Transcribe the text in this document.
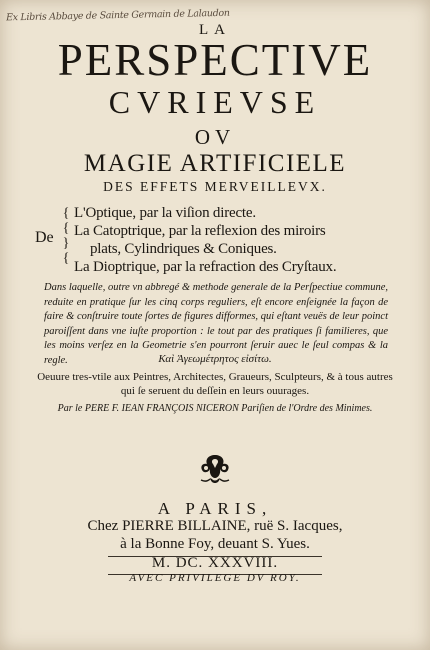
Ex Libris Abbaye de Sainte Germain de Lalaudon
LA
PERSPECTIVE
CVRIEVSE
OV
MAGIE ARTIFICIELE
DES EFFETS MERVEILLEVX.
De
{
{
}
{
L'Optique, par la viſion directe.
La Catoptrique, par la reflexion des miroirs
plats, Cylindriques & Coniques.
La Dioptrique, par la refraction des Cryſtaux.
Dans laquelle, outre vn abbregé & methode generale de la Perſpectiue commune, reduite en pratique ſur les cinq corps reguliers, eſt encore enſeignée la façon de faire & conſtruire toute ſortes de figures difformes, qui eſtant veuës de leur poinct paroiſſent dans vne iuſte proportion : le tout par des pratiques ſi familieres, que les moins verſez en la Geometrie s'en pourront ſeruir auec le ſeul compas & la regle.	Καὶ Ἀγεωμέτρητος εἰσίτω.
Oeuure tres-vtile aux Peintres, Architectes, Graueurs, Sculpteurs, & à tous autres
qui ſe seruent du deſſein en leurs ouurages.
Par le PERE F. IEAN FRANÇOIS NICERON Pariſien de l'Ordre des Minimes.
A PARIS,
Chez PIERRE BILLAINE, ruë S. Iacques,
à la Bonne Foy, deuant S. Yues.
M. DC. XXXVIII.
AVEC PRIVILEGE DV ROY.
